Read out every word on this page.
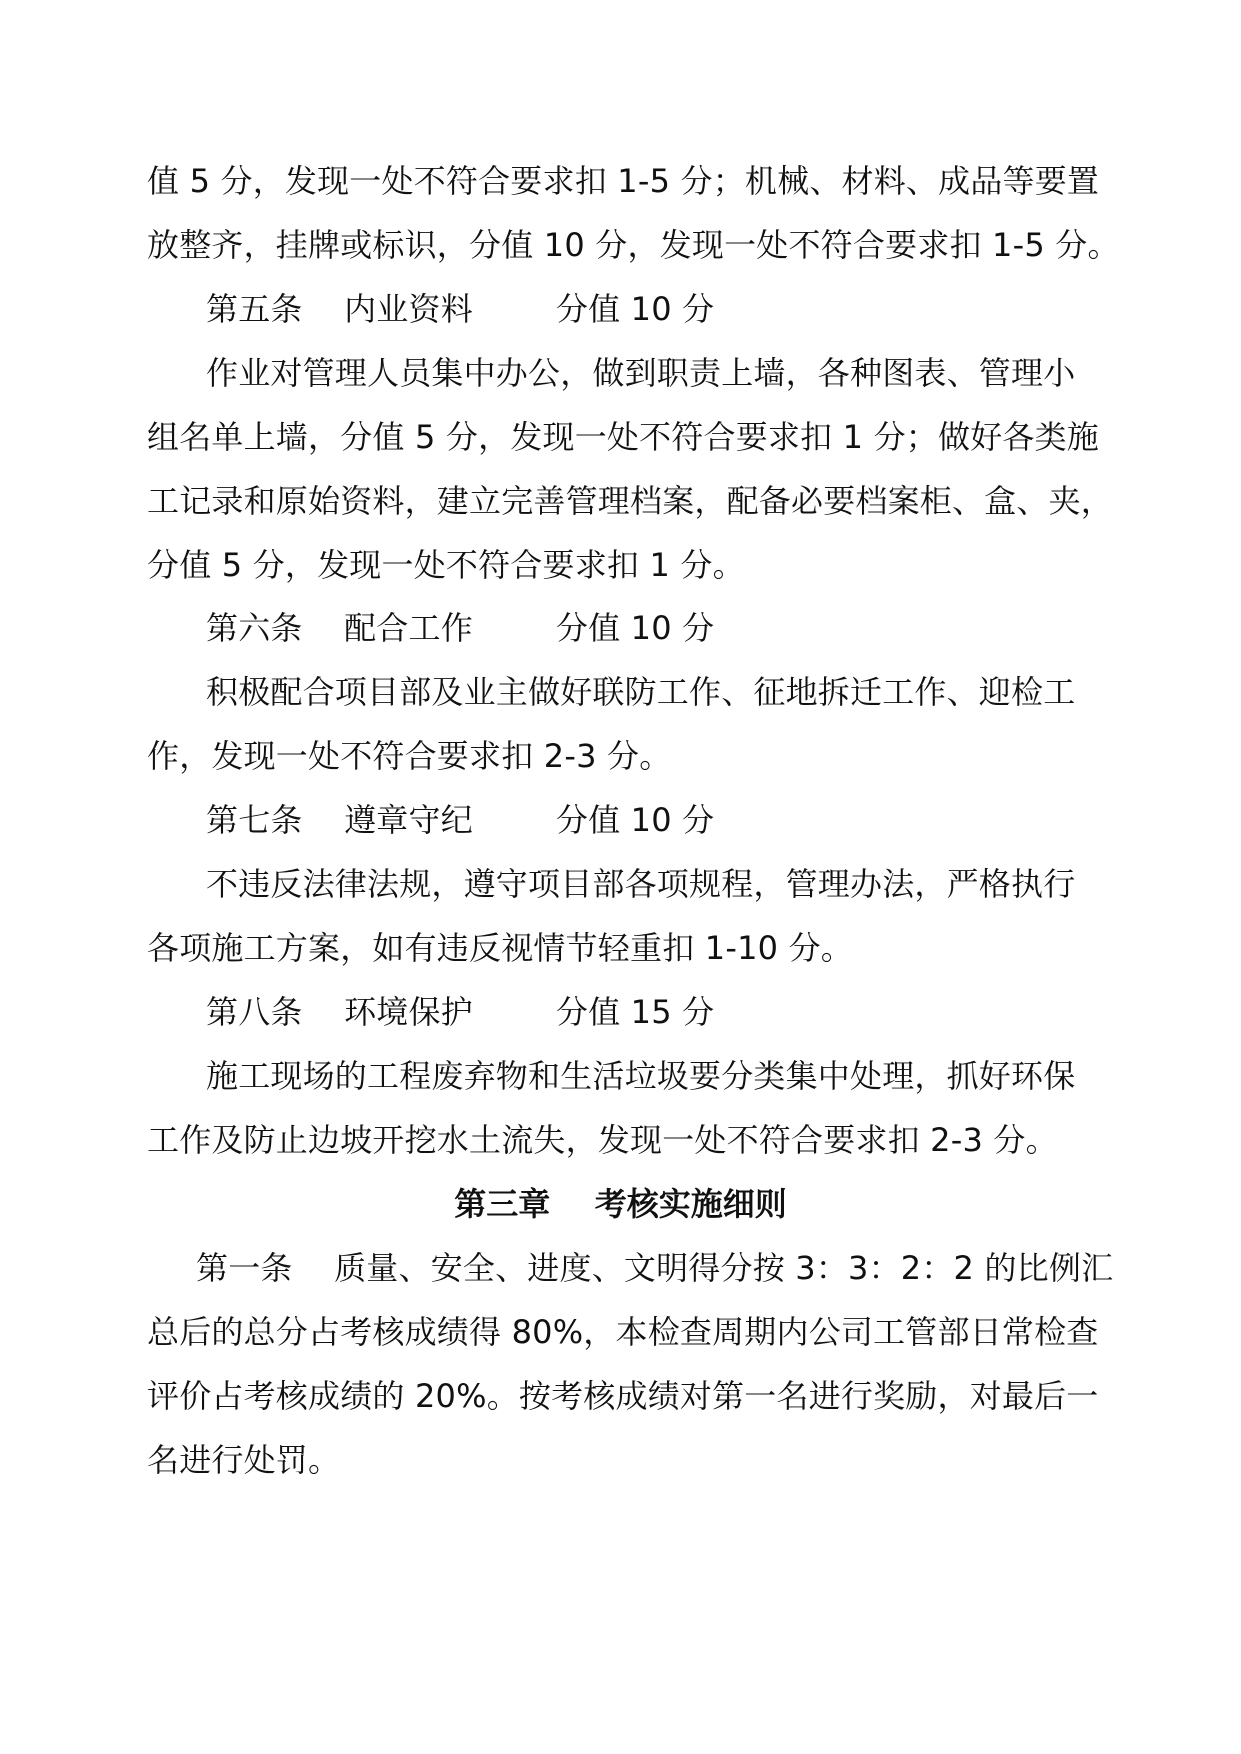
值 5 分，发现一处不符合要求扣 1-5 分；机械、材料、成品等要置
放整齐，挂牌或标识，分值 10 分，发现一处不符合要求扣 1-5 分。
第五条    内业资料        分值 10 分
作业对管理人员集中办公，做到职责上墙，各种图表、管理小
组名单上墙，分值 5 分，发现一处不符合要求扣 1 分；做好各类施
工记录和原始资料，建立完善管理档案，配备必要档案柜、盒、夹，
分值 5 分，发现一处不符合要求扣 1 分。
第六条    配合工作        分值 10 分
积极配合项目部及业主做好联防工作、征地拆迁工作、迎检工
作，发现一处不符合要求扣 2-3 分。
第七条    遵章守纪        分值 10 分
不违反法律法规，遵守项目部各项规程，管理办法，严格执行
各项施工方案，如有违反视情节轻重扣 1-10 分。
第八条    环境保护        分值 15 分
施工现场的工程废弃物和生活垃圾要分类集中处理，抓好环保
工作及防止边坡开挖水土流失，发现一处不符合要求扣 2-3 分。
第三章    考核实施细则
第一条    质量、安全、进度、文明得分按 3：3：2：2 的比例汇
总后的总分占考核成绩得 80%，本检查周期内公司工管部日常检查
评价占考核成绩的 20%。按考核成绩对第一名进行奖励，对最后一
名进行处罚。
